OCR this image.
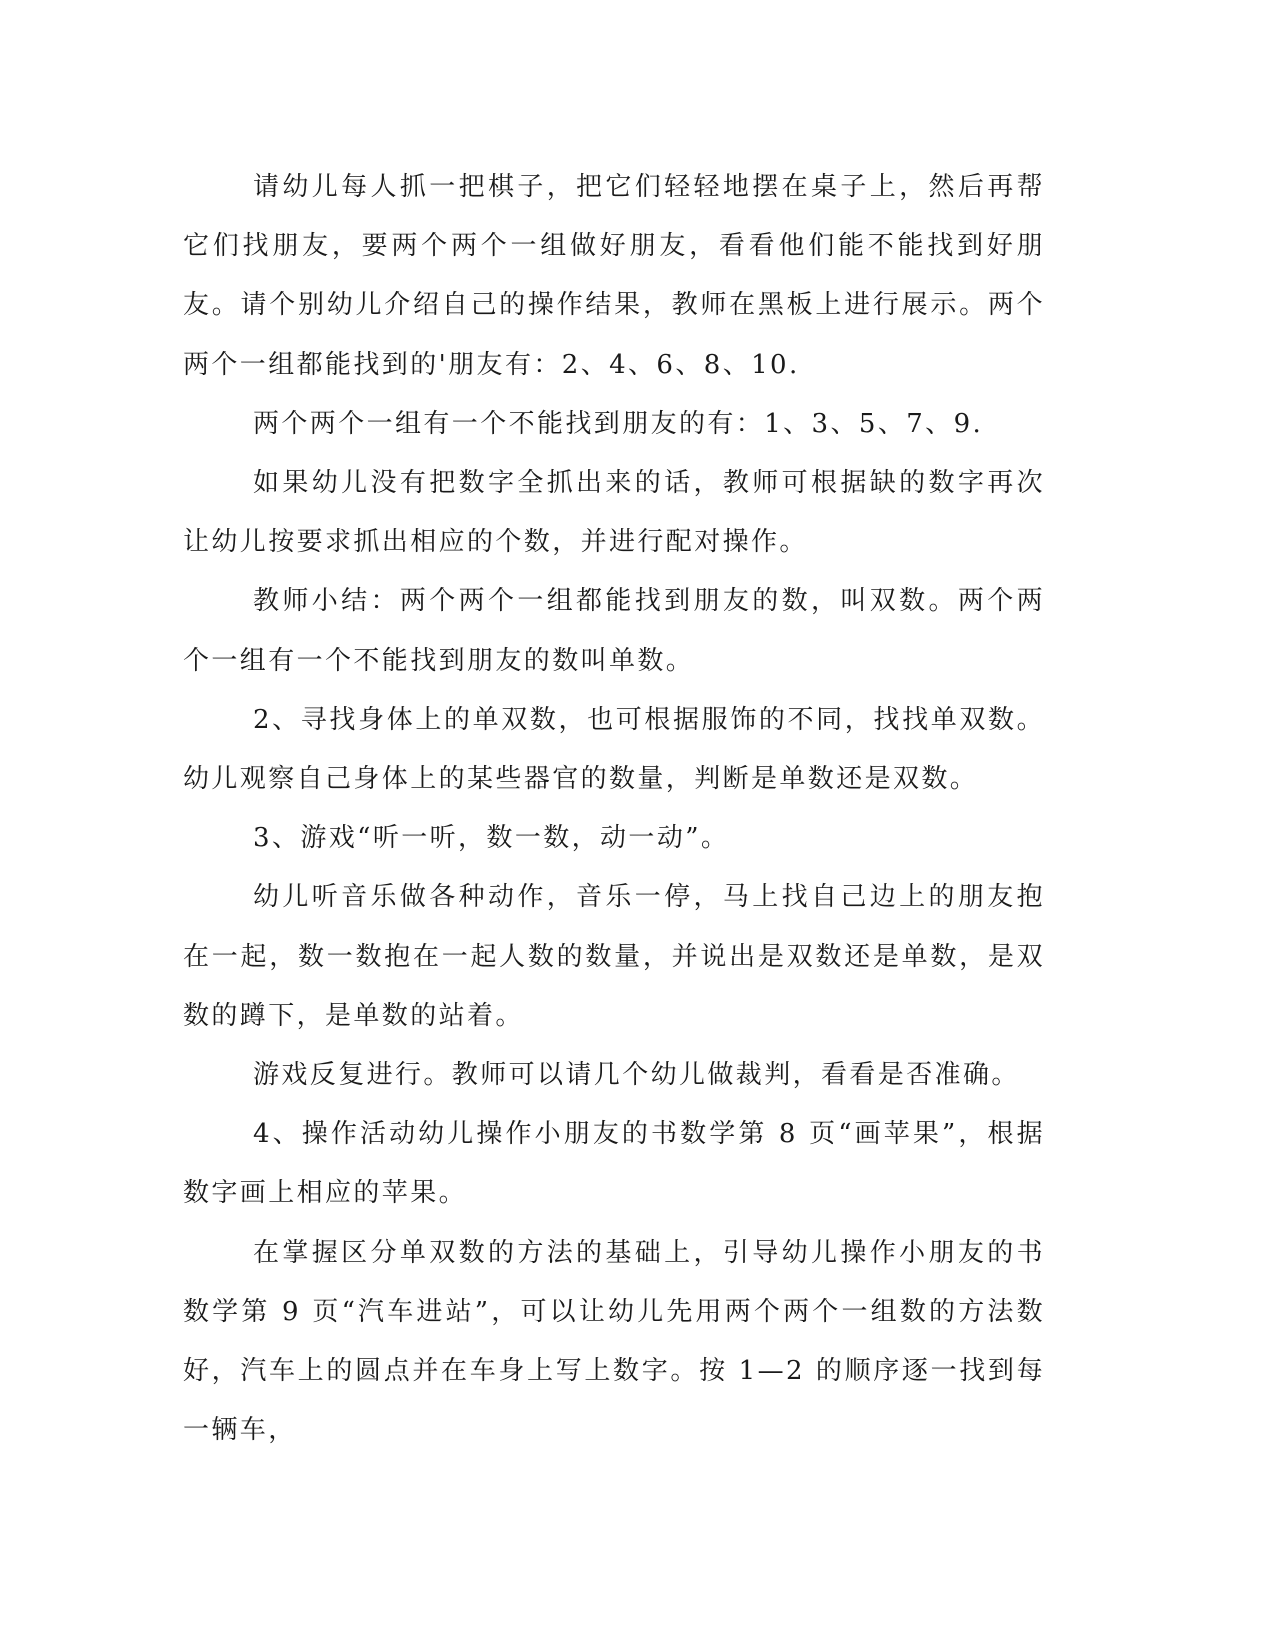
请幼儿每人抓一把棋子，把它们轻轻地摆在桌子上，然后再帮它们找朋友，要两个两个一组做好朋友，看看他们能不能找到好朋友。请个别幼儿介绍自己的操作结果，教师在黑板上进行展示。两个两个一组都能找到的'朋友有：2、4、6、8、10.

两个两个一组有一个不能找到朋友的有：1、3、5、7、9.

如果幼儿没有把数字全抓出来的话，教师可根据缺的数字再次让幼儿按要求抓出相应的个数，并进行配对操作。

教师小结：两个两个一组都能找到朋友的数，叫双数。两个两个一组有一个不能找到朋友的数叫单数。

2、寻找身体上的单双数，也可根据服饰的不同，找找单双数。幼儿观察自己身体上的某些器官的数量，判断是单数还是双数。

3、游戏“听一听，数一数，动一动”。

幼儿听音乐做各种动作，音乐一停，马上找自己边上的朋友抱在一起，数一数抱在一起人数的数量，并说出是双数还是单数，是双数的蹲下，是单数的站着。

游戏反复进行。教师可以请几个幼儿做裁判，看看是否准确。

4、操作活动幼儿操作小朋友的书数学第 8 页“画苹果”，根据数字画上相应的苹果。

在掌握区分单双数的方法的基础上，引导幼儿操作小朋友的书数学第 9 页“汽车进站”，可以让幼儿先用两个两个一组数的方法数好，汽车上的圆点并在车身上写上数字。按 1—2 的顺序逐一找到每一辆车，
